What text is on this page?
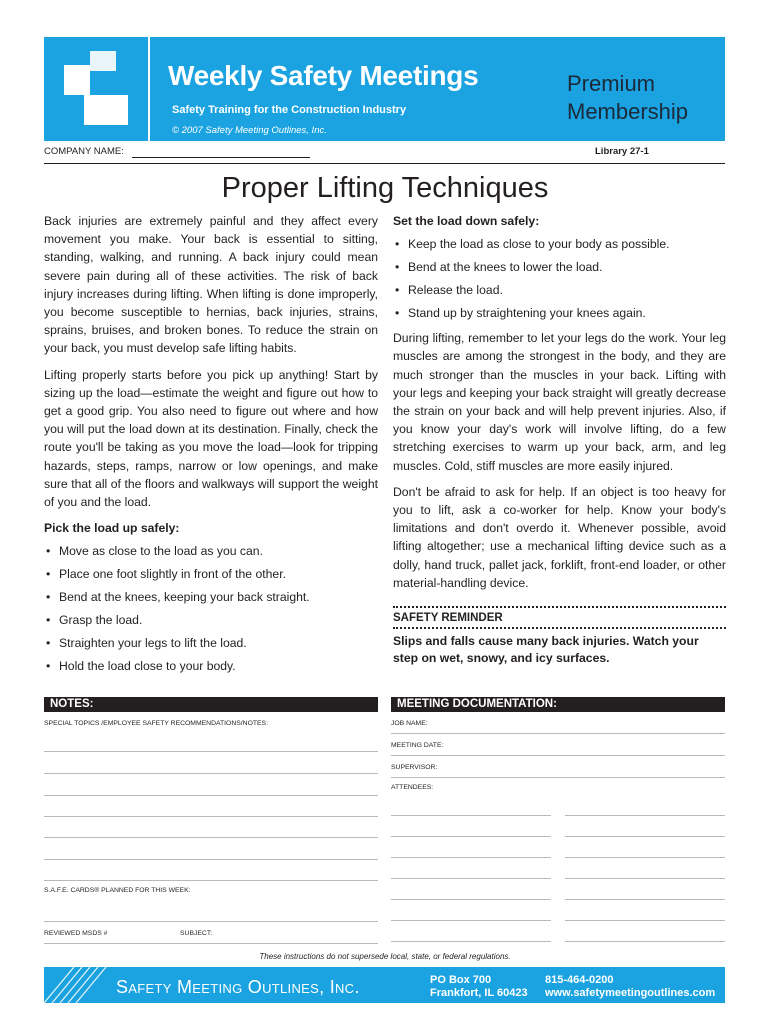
Weekly Safety Meetings
Safety Training for the Construction Industry
© 2007 Safety Meeting Outlines, Inc.
Premium
Membership
COMPANY NAME:	Library 27-1
Proper Lifting Techniques

Back injuries are extremely painful and they affect every movement you make. Your back is essential to sitting, standing, walking, and running. A back injury could mean severe pain during all of these activities. The risk of back injury increases during lifting. When lifting is done improperly, you become susceptible to hernias, back injuries, strains, sprains, bruises, and broken bones. To reduce the strain on your back, you must develop safe lifting habits.

Lifting properly starts before you pick up anything! Start by sizing up the load—estimate the weight and figure out how to get a good grip. You also need to figure out where and how you will put the load down at its destination. Finally, check the route you'll be taking as you move the load—look for tripping hazards, steps, ramps, narrow or low openings, and make sure that all of the floors and walkways will support the weight of you and the load.

Pick the load up safely:
• Move as close to the load as you can.
• Place one foot slightly in front of the other.
• Bend at the knees, keeping your back straight.
• Grasp the load.
• Straighten your legs to lift the load.
• Hold the load close to your body.
Set the load down safely:
• Keep the load as close to your body as possible.
• Bend at the knees to lower the load.
• Release the load.
• Stand up by straightening your knees again.

During lifting, remember to let your legs do the work. Your leg muscles are among the strongest in the body, and they are much stronger than the muscles in your back. Lifting with your legs and keeping your back straight will greatly decrease the strain on your back and will help prevent injuries. Also, if you know your day's work will involve lifting, do a few stretching exercises to warm up your back, arm, and leg muscles. Cold, stiff muscles are more easily injured.

Don't be afraid to ask for help. If an object is too heavy for you to lift, ask a co-worker for help. Know your body's limitations and don't overdo it. Whenever possible, avoid lifting altogether; use a mechanical lifting device such as a dolly, hand truck, pallet jack, forklift, front-end loader, or other material-handling device.

SAFETY REMINDER
Slips and falls cause many back injuries. Watch your step on wet, snowy, and icy surfaces.
NOTES:
SPECIAL TOPICS /EMPLOYEE SAFETY RECOMMENDATIONS/NOTES:
S.A.F.E. CARDS® PLANNED FOR THIS WEEK:
REVIEWED MSDS #	SUBJECT:
MEETING DOCUMENTATION:
JOB NAME:
MEETING DATE:
SUPERVISOR:
ATTENDEES:
These instructions do not supersede local, state, or federal regulations.
Safety Meeting Outlines, Inc.	PO Box 700
Frankfort, IL 60423
815-464-0200
www.safetymeetingoutlines.com
